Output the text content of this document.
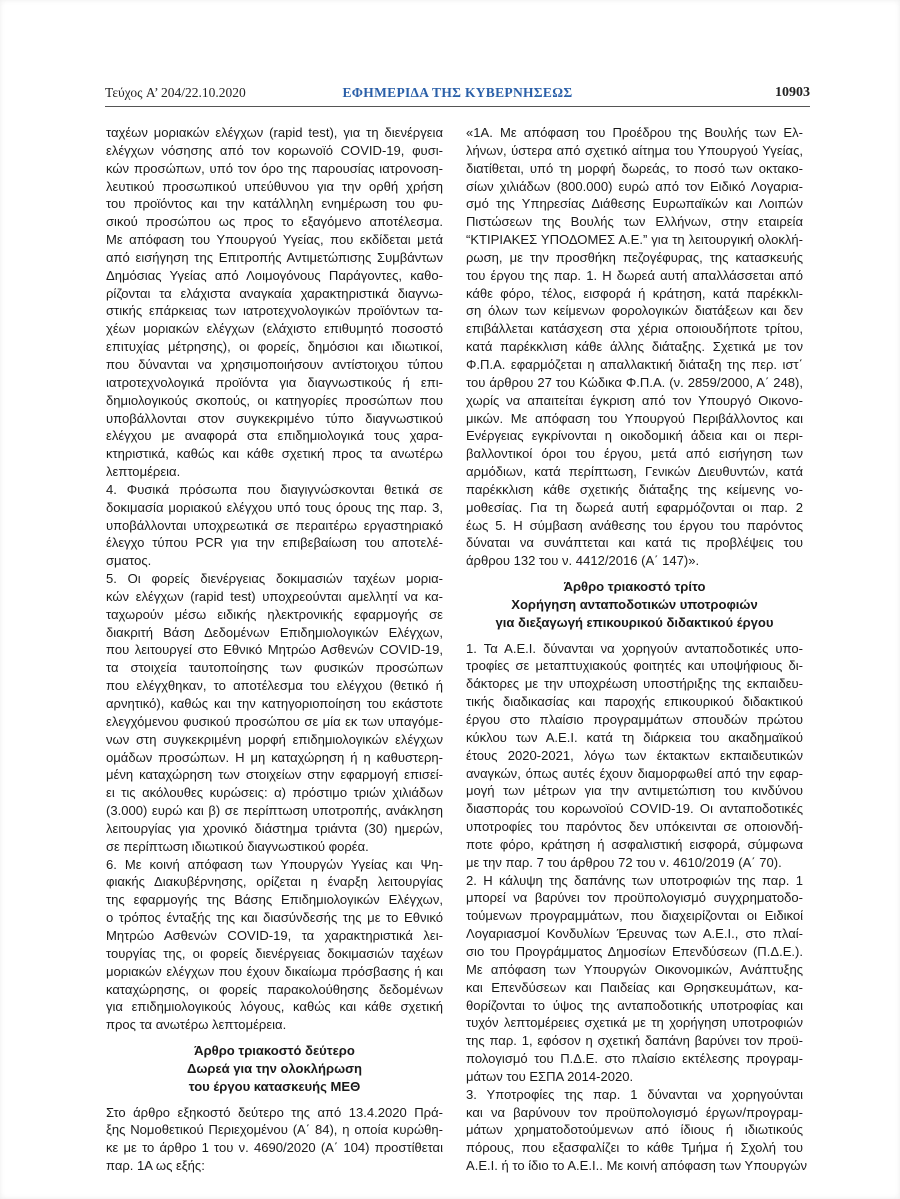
Τεύχος A’ 204/22.10.2020	ΕΦΗΜΕΡΙΔΑ ΤΗΣ ΚΥΒΕΡΝΗΣΕΩΣ	10903
ταχέων μοριακών ελέγχων (rapid test), για τη διενέργεια
ελέγχων νόσησης από τον κορωνοϊό COVID-19, φυσι-
κών προσώπων, υπό τον όρο της παρουσίας ιατρονοση-
λευτικού προσωπικού υπεύθυνου για την ορθή χρήση
του προϊόντος και την κατάλληλη ενημέρωση του φυ-
σικού προσώπου ως προς το εξαγόμενο αποτέλεσμα.
Με απόφαση του Υπουργού Υγείας, που εκδίδεται μετά
από εισήγηση της Επιτροπής Αντιμετώπισης Συμβάντων
Δημόσιας Υγείας από Λοιμογόνους Παράγοντες, καθο-
ρίζονται τα ελάχιστα αναγκαία χαρακτηριστικά διαγνω-
στικής επάρκειας των ιατροτεχνολογικών προϊόντων τα-
χέων μοριακών ελέγχων (ελάχιστο επιθυμητό ποσοστό
επιτυχίας μέτρησης), οι φορείς, δημόσιοι και ιδιωτικοί,
που δύνανται να χρησιμοποιήσουν αντίστοιχου τύπου
ιατροτεχνολογικά προϊόντα για διαγνωστικούς ή επι-
δημιολογικούς σκοπούς, οι κατηγορίες προσώπων που
υποβάλλονται στον συγκεκριμένο τύπο διαγνωστικού
ελέγχου με αναφορά στα επιδημιολογικά τους χαρα-
κτηριστικά, καθώς και κάθε σχετική προς τα ανωτέρω
λεπτομέρεια.
4. Φυσικά πρόσωπα που διαγιγνώσκονται θετικά σε
δοκιμασία μοριακού ελέγχου υπό τους όρους της παρ. 3,
υποβάλλονται υποχρεωτικά σε περαιτέρω εργαστηριακό
έλεγχο τύπου PCR για την επιβεβαίωση του αποτελέ-
σματος.
5. Οι φορείς διενέργειας δοκιμασιών ταχέων μορια-
κών ελέγχων (rapid test) υποχρεούνται αμελλητί να κα-
ταχωρούν μέσω ειδικής ηλεκτρονικής εφαρμογής σε
διακριτή Βάση Δεδομένων Επιδημιολογικών Ελέγχων,
που λειτουργεί στο Εθνικό Μητρώο Ασθενών COVID-19,
τα στοιχεία ταυτοποίησης των φυσικών προσώπων
που ελέγχθηκαν, το αποτέλεσμα του ελέγχου (θετικό ή
αρνητικό), καθώς και την κατηγοριοποίηση του εκάστοτε
ελεγχόμενου φυσικού προσώπου σε μία εκ των υπαγόμε-
νων στη συγκεκριμένη μορφή επιδημιολογικών ελέγχων
ομάδων προσώπων. Η μη καταχώρηση ή η καθυστερη-
μένη καταχώρηση των στοιχείων στην εφαρμογή επισεί-
ει τις ακόλουθες κυρώσεις: α) πρόστιμο τριών χιλιάδων
(3.000) ευρώ και β) σε περίπτωση υποτροπής, ανάκληση
λειτουργίας για χρονικό διάστημα τριάντα (30) ημερών,
σε περίπτωση ιδιωτικού διαγνωστικού φορέα.
6. Με κοινή απόφαση των Υπουργών Υγείας και Ψη-
φιακής Διακυβέρνησης, ορίζεται η έναρξη λειτουργίας
της εφαρμογής της Βάσης Επιδημιολογικών Ελέγχων,
ο τρόπος ένταξής της και διασύνδεσής της με το Εθνικό
Μητρώο Ασθενών COVID-19, τα χαρακτηριστικά λει-
τουργίας της, οι φορείς διενέργειας δοκιμασιών ταχέων
μοριακών ελέγχων που έχουν δικαίωμα πρόσβασης ή και
καταχώρησης, οι φορείς παρακολούθησης δεδομένων
για επιδημιολογικούς λόγους, καθώς και κάθε σχετική
προς τα ανωτέρω λεπτομέρεια.
Άρθρο τριακοστό δεύτερο
Δωρεά για την ολοκλήρωση
του έργου κατασκευής ΜΕΘ
Στο άρθρο εξηκοστό δεύτερο της από 13.4.2020 Πρά-
ξης Νομοθετικού Περιεχομένου (Α΄ 84), η οποία κυρώθη-
κε με το άρθρο 1 του ν. 4690/2020 (Α΄ 104) προστίθεται
παρ. 1Α ως εξής:
«1Α. Με απόφαση του Προέδρου της Βουλής των Ελ-
λήνων, ύστερα από σχετικό αίτημα του Υπουργού Υγείας,
διατίθεται, υπό τη μορφή δωρεάς, το ποσό των οκτακο-
σίων χιλιάδων (800.000) ευρώ από τον Ειδικό Λογαρια-
σμό της Υπηρεσίας Διάθεσης Ευρωπαϊκών και Λοιπών
Πιστώσεων της Βουλής των Ελλήνων, στην εταιρεία
“ΚΤΙΡΙΑΚΕΣ ΥΠΟΔΟΜΕΣ Α.Ε.” για τη λειτουργική ολοκλή-
ρωση, με την προσθήκη πεζογέφυρας, της κατασκευής
του έργου της παρ. 1. Η δωρεά αυτή απαλλάσσεται από
κάθε φόρο, τέλος, εισφορά ή κράτηση, κατά παρέκκλι-
ση όλων των κείμενων φορολογικών διατάξεων και δεν
επιβάλλεται κατάσχεση στα χέρια οποιουδήποτε τρίτου,
κατά παρέκκλιση κάθε άλλης διάταξης. Σχετικά με τον
Φ.Π.Α. εφαρμόζεται η απαλλακτική διάταξη της περ. ιστ΄
του άρθρου 27 του Κώδικα Φ.Π.Α. (ν. 2859/2000, Α΄ 248),
χωρίς να απαιτείται έγκριση από τον Υπουργό Οικονο-
μικών. Με απόφαση του Υπουργού Περιβάλλοντος και
Ενέργειας εγκρίνονται η οικοδομική άδεια και οι περι-
βαλλοντικοί όροι του έργου, μετά από εισήγηση των
αρμόδιων, κατά περίπτωση, Γενικών Διευθυντών, κατά
παρέκκλιση κάθε σχετικής διάταξης της κείμενης νο-
μοθεσίας. Για τη δωρεά αυτή εφαρμόζονται οι παρ. 2
έως 5. Η σύμβαση ανάθεσης του έργου του παρόντος
δύναται να συνάπτεται και κατά τις προβλέψεις του
άρθρου 132 του ν. 4412/2016 (Α΄ 147)».
Άρθρο τριακοστό τρίτο
Χορήγηση ανταποδοτικών υποτροφιών
για διεξαγωγή επικουρικού διδακτικού έργου
1. Τα Α.Ε.Ι. δύνανται να χορηγούν ανταποδοτικές υπο-
τροφίες σε μεταπτυχιακούς φοιτητές και υποψήφιους δι-
δάκτορες με την υποχρέωση υποστήριξης της εκπαιδευ-
τικής διαδικασίας και παροχής επικουρικού διδακτικού
έργου στο πλαίσιο προγραμμάτων σπουδών πρώτου
κύκλου των Α.Ε.Ι. κατά τη διάρκεια του ακαδημαϊκού
έτους 2020-2021, λόγω των έκτακτων εκπαιδευτικών
αναγκών, όπως αυτές έχουν διαμορφωθεί από την εφαρ-
μογή των μέτρων για την αντιμετώπιση του κινδύνου
διασποράς του κορωνοϊού COVID-19. Οι ανταποδοτικές
υποτροφίες του παρόντος δεν υπόκεινται σε οποιονδή-
ποτε φόρο, κράτηση ή ασφαλιστική εισφορά, σύμφωνα
με την παρ. 7 του άρθρου 72 του ν. 4610/2019 (Α΄ 70).
2. Η κάλυψη της δαπάνης των υποτροφιών της παρ. 1
μπορεί να βαρύνει τον προϋπολογισμό συγχρηματοδο-
τούμενων προγραμμάτων, που διαχειρίζονται οι Ειδικοί
Λογαριασμοί Κονδυλίων Έρευνας των Α.Ε.Ι., στο πλαί-
σιο του Προγράμματος Δημοσίων Επενδύσεων (Π.Δ.Ε.).
Με απόφαση των Υπουργών Οικονομικών, Ανάπτυξης
και Επενδύσεων και Παιδείας και Θρησκευμάτων, κα-
θορίζονται το ύψος της ανταποδοτικής υποτροφίας και
τυχόν λεπτομέρειες σχετικά με τη χορήγηση υποτροφιών
της παρ. 1, εφόσον η σχετική δαπάνη βαρύνει τον προϋ-
πολογισμό του Π.Δ.Ε. στο πλαίσιο εκτέλεσης προγραμ-
μάτων του ΕΣΠΑ 2014-2020.
3. Υποτροφίες της παρ. 1 δύνανται να χορηγούνται
και να βαρύνουν τον προϋπολογισμό έργων/προγραμ-
μάτων χρηματοδοτούμενων από ίδιους ή ιδιωτικούς
πόρους, που εξασφαλίζει το κάθε Τμήμα ή Σχολή του
Α.Ε.Ι. ή το ίδιο το Α.Ε.Ι.. Με κοινή απόφαση των Υπουργών
